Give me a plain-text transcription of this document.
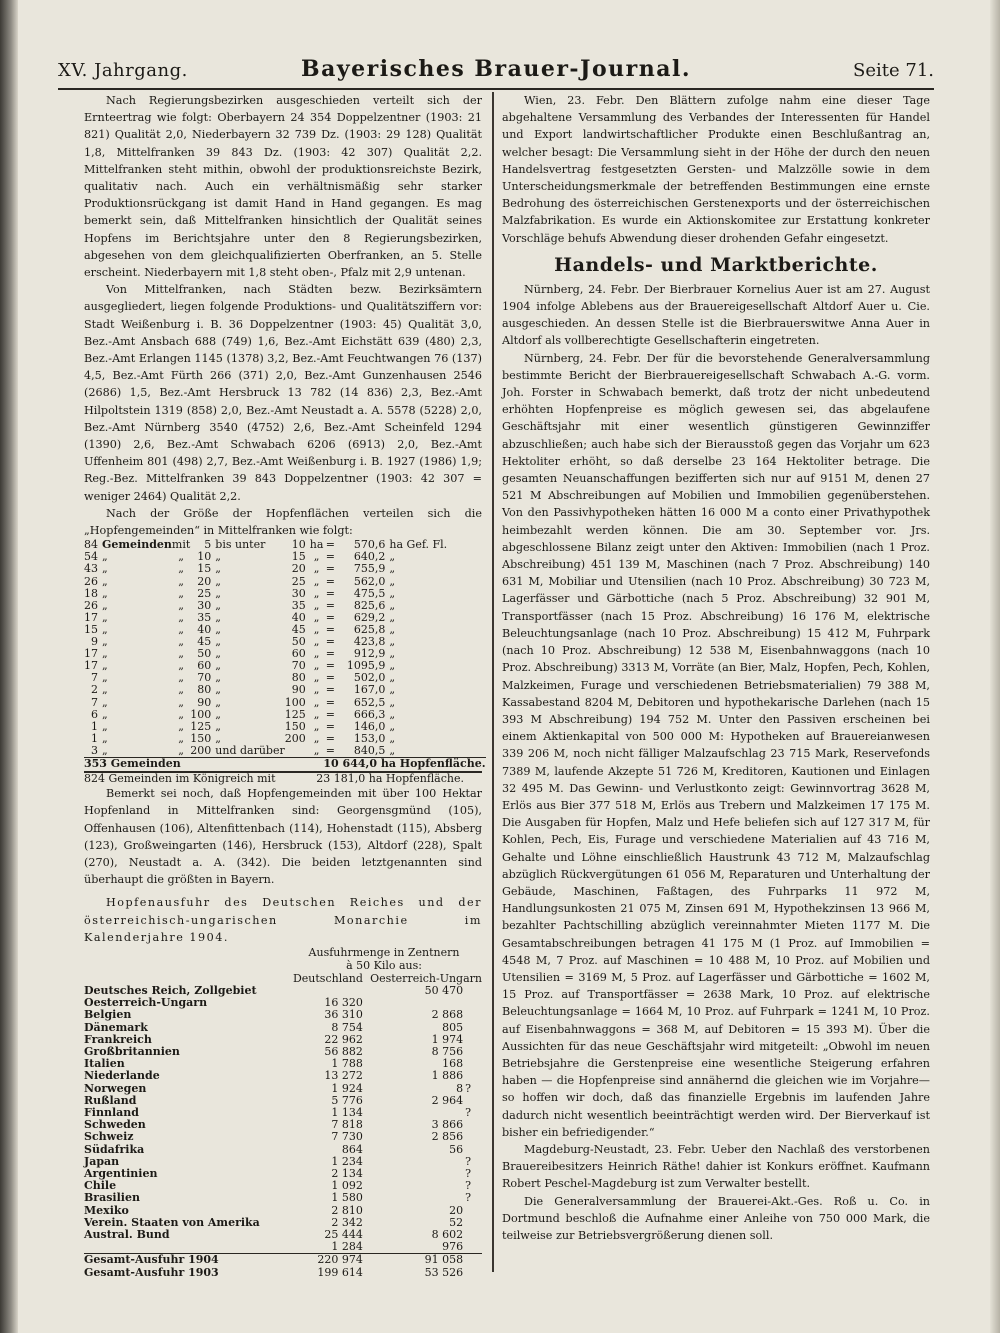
XV. Jahrgang.	Bayerisches Brauer-Journal.	Seite 71.

Nach Regierungsbezirken ausgeschieden verteilt sich der Ernteertrag wie folgt: Oberbayern 24 354 Doppelzentner (1903: 21 821) Qualität 2,0, Niederbayern 32 739 Dz. (1903: 29 128) Qualität 1,8, Mittelfranken 39 843 Dz. (1903: 42 307) Qualität 2,2. Mittelfranken steht mithin, obwohl der produktionsreichste Bezirk, qualitativ nach. Auch ein verhältnismäßig sehr starker Produktionsrückgang ist damit Hand in Hand gegangen. Es mag bemerkt sein, daß Mittelfranken hinsichtlich der Qualität seines Hopfens im Berichtsjahre unter den 8 Regierungsbezirken, abgesehen von dem gleichqualifizierten Oberfranken, an 5. Stelle erscheint. Niederbayern mit 1,8 steht oben-, Pfalz mit 2,9 untenan.

Von Mittelfranken, nach Städten bezw. Bezirksämtern ausgegliedert, liegen folgende Produktions- und Qualitätsziffern vor: Stadt Weißenburg i. B. 36 Doppelzentner (1903: 45) Qualität 3,0, Bez.-Amt Ansbach 688 (749) 1,6, Bez.-Amt Eichstätt 639 (480) 2,3, Bez.-Amt Erlangen 1145 (1378) 3,2, Bez.-Amt Feuchtwangen 76 (137) 4,5, Bez.-Amt Fürth 266 (371) 2,0, Bez.-Amt Gunzenhausen 2546 (2686) 1,5, Bez.-Amt Hersbruck 13 782 (14 836) 2,3, Bez.-Amt Hilpoltstein 1319 (858) 2,0, Bez.-Amt Neustadt a. A. 5578 (5228) 2,0, Bez.-Amt Nürnberg 3540 (4752) 2,6, Bez.-Amt Scheinfeld 1294 (1390) 2,6, Bez.-Amt Schwabach 6206 (6913) 2,0, Bez.-Amt Uffenheim 801 (498) 2,7, Bez.-Amt Weißenburg i. B. 1927 (1986) 1,9; Reg.-Bez. Mittelfranken 39 843 Doppelzentner (1903: 42 307 = weniger 2464) Qualität 2,2.

Nach der Größe der Hopfenflächen verteilen sich die „Hopfengemeinden“ in Mittelfranken wie folgt:

84	Gemeinden	mit	5	bis unter	10	ha	=	570,6	ha Gef. Fl.
54	„	„	10	„	15	„	=	640,2	„
43	„	„	15	„	20	„	=	755,9	„
26	„	„	20	„	25	„	=	562,0	„
18	„	„	25	„	30	„	=	475,5	„
26	„	„	30	„	35	„	=	825,6	„
17	„	„	35	„	40	„	=	629,2	„
15	„	„	40	„	45	„	=	625,8	„
9	„	„	45	„	50	„	=	423,8	„
17	„	„	50	„	60	„	=	912,9	„
17	„	„	60	„	70	„	=	1095,9	„
7	„	„	70	„	80	„	=	502,0	„
2	„	„	80	„	90	„	=	167,0	„
7	„	„	90	„	100	„	=	652,5	„
6	„	„	100	„	125	„	=	666,3	„
1	„	„	125	„	150	„	=	146,0	„
1	„	„	150	„	200	„	=	153,0	„
3	„	„	200	und darüber		„	=	840,5	„
353 Gemeinden							10 644,0 ha Hopfenfläche.		
824 Gemeinden im Königreich mit	23 181,0 ha Hopfenfläche.

Bemerkt sei noch, daß Hopfengemeinden mit über 100 Hektar Hopfenland in Mittelfranken sind: Georgensgmünd (105), Offenhausen (106), Altenfittenbach (114), Hohenstadt (115), Absberg (123), Großweingarten (146), Hersbruck (153), Altdorf (228), Spalt (270), Neustadt a. A. (342). Die beiden letztgenannten sind überhaupt die größten in Bayern.

Hopfenausfuhr des Deutschen Reiches und der österreichisch-ungarischen Monarchie im Kalenderjahre 1904.

	Ausfuhrmenge in Zentnern		
	à 50 Kilo aus:		
	Deutschland	Oesterreich-Ungarn	
Deutsches Reich, Zollgebiet		50 470	
Oesterreich-Ungarn	16 320		
Belgien	36 310	2 868	
Dänemark	8 754	805	
Frankreich	22 962	1 974	
Großbritannien	56 882	8 756	
Italien	1 788	168	
Niederlande	13 272	1 886	
Norwegen	1 924	8	?
Rußland	5 776	2 964	
Finnland	1 134		?
Schweden	7 818	3 866	
Schweiz	7 730	2 856	
Südafrika	864	56	
Japan	1 234		?
Argentinien	2 134		?
Chile	1 092		?
Brasilien	1 580		?
Mexiko	2 810	20	
Verein. Staaten von Amerika	2 342	52	
Austral. Bund	25 444	8 602	
	1 284	976	
Gesamt-Ausfuhr 1904	220 974	91 058	
Gesamt-Ausfuhr 1903	199 614	53 526	

Wien, 23. Febr. Den Blättern zufolge nahm eine dieser Tage abgehaltene Versammlung des Verbandes der Interessenten für Handel und Export landwirtschaftlicher Produkte einen Beschlußantrag an, welcher besagt: Die Versammlung sieht in der Höhe der durch den neuen Handelsvertrag festgesetzten Gersten- und Malzzölle sowie in dem Unterscheidungsmerkmale der betreffenden Bestimmungen eine ernste Bedrohung des österreichischen Gerstenexports und der österreichischen Malzfabrikation. Es wurde ein Aktionskomitee zur Erstattung konkreter Vorschläge behufs Abwendung dieser drohenden Gefahr eingesetzt.

Handels- und Marktberichte.

Nürnberg, 24. Febr. Der Bierbrauer Kornelius Auer ist am 27. August 1904 infolge Ablebens aus der Brauereigesellschaft Altdorf Auer u. Cie. ausgeschieden. An dessen Stelle ist die Bierbrauerswitwe Anna Auer in Altdorf als vollberechtigte Gesellschafterin eingetreten.

Nürnberg, 24. Febr. Der für die bevorstehende Generalversammlung bestimmte Bericht der Bierbrauereigesellschaft Schwabach A.-G. vorm. Joh. Forster in Schwabach bemerkt, daß trotz der nicht unbedeutend erhöhten Hopfenpreise es möglich gewesen sei, das abgelaufene Geschäftsjahr mit einer wesentlich günstigeren Gewinnziffer abzuschließen; auch habe sich der Bierausstoß gegen das Vorjahr um 623 Hektoliter erhöht, so daß derselbe 23 164 Hektoliter betrage. Die gesamten Neuanschaffungen bezifferten sich nur auf 9151 M, denen 27 521 M Abschreibungen auf Mobilien und Immobilien gegenüberstehen. Von den Passivhypotheken hätten 16 000 M a conto einer Privathypothek heimbezahlt werden können. Die am 30. September vor. Jrs. abgeschlossene Bilanz zeigt unter den Aktiven: Immobilien (nach 1 Proz. Abschreibung) 451 139 M, Maschinen (nach 7 Proz. Abschreibung) 140 631 M, Mobiliar und Utensilien (nach 10 Proz. Abschreibung) 30 723 M, Lagerfässer und Gärbottiche (nach 5 Proz. Abschreibung) 32 901 M, Transportfässer (nach 15 Proz. Abschreibung) 16 176 M, elektrische Beleuchtungsanlage (nach 10 Proz. Abschreibung) 15 412 M, Fuhrpark (nach 10 Proz. Abschreibung) 12 538 M, Eisenbahnwaggons (nach 10 Proz. Abschreibung) 3313 M, Vorräte (an Bier, Malz, Hopfen, Pech, Kohlen, Malzkeimen, Furage und verschiedenen Betriebsmaterialien) 79 388 M, Kassabestand 8204 M, Debitoren und hypothekarische Darlehen (nach 15 393 M Abschreibung) 194 752 M. Unter den Passiven erscheinen bei einem Aktienkapital von 500 000 M: Hypotheken auf Brauereianwesen 339 206 M, noch nicht fälliger Malzaufschlag 23 715 Mark, Reservefonds 7389 M, laufende Akzepte 51 726 M, Kreditoren, Kautionen und Einlagen 32 495 M. Das Gewinn- und Verlustkonto zeigt: Gewinnvortrag 3628 M, Erlös aus Bier 377 518 M, Erlös aus Trebern und Malzkeimen 17 175 M. Die Ausgaben für Hopfen, Malz und Hefe beliefen sich auf 127 317 M, für Kohlen, Pech, Eis, Furage und verschiedene Materialien auf 43 716 M, Gehalte und Löhne einschließlich Haustrunk 43 712 M, Malzaufschlag abzüglich Rückvergütungen 61 056 M, Reparaturen und Unterhaltung der Gebäude, Maschinen, Faßtagen, des Fuhrparks 11 972 M, Handlungsunkosten 21 075 M, Zinsen 691 M, Hypothekzinsen 13 966 M, bezahlter Pachtschilling abzüglich vereinnahmter Mieten 1177 M. Die Gesamtabschreibungen betragen 41 175 M (1 Proz. auf Immobilien = 4548 M, 7 Proz. auf Maschinen = 10 488 M, 10 Proz. auf Mobilien und Utensilien = 3169 M, 5 Proz. auf Lagerfässer und Gärbottiche = 1602 M, 15 Proz. auf Transportfässer = 2638 Mark, 10 Proz. auf elektrische Beleuchtungsanlage = 1664 M, 10 Proz. auf Fuhrpark = 1241 M, 10 Proz. auf Eisenbahnwaggons = 368 M, auf Debitoren = 15 393 M). Über die Aussichten für das neue Geschäftsjahr wird mitgeteilt: „Obwohl im neuen Betriebsjahre die Gerstenpreise eine wesentliche Steigerung erfahren haben — die Hopfenpreise sind annähernd die gleichen wie im Vorjahre—so hoffen wir doch, daß das finanzielle Ergebnis im laufenden Jahre dadurch nicht wesentlich beeinträchtigt werden wird. Der Bierverkauf ist bisher ein befriedigender.“

Magdeburg-Neustadt, 23. Febr. Ueber den Nachlaß des verstorbenen Brauereibesitzers Heinrich Räthe! dahier ist Konkurs eröffnet. Kaufmann Robert Peschel-Magdeburg ist zum Verwalter bestellt.

Die Generalversammlung der Brauerei-Akt.-Ges. Roß u. Co. in Dortmund beschloß die Aufnahme einer Anleihe von 750 000 Mark, die teilweise zur Betriebsvergrößerung dienen soll.
